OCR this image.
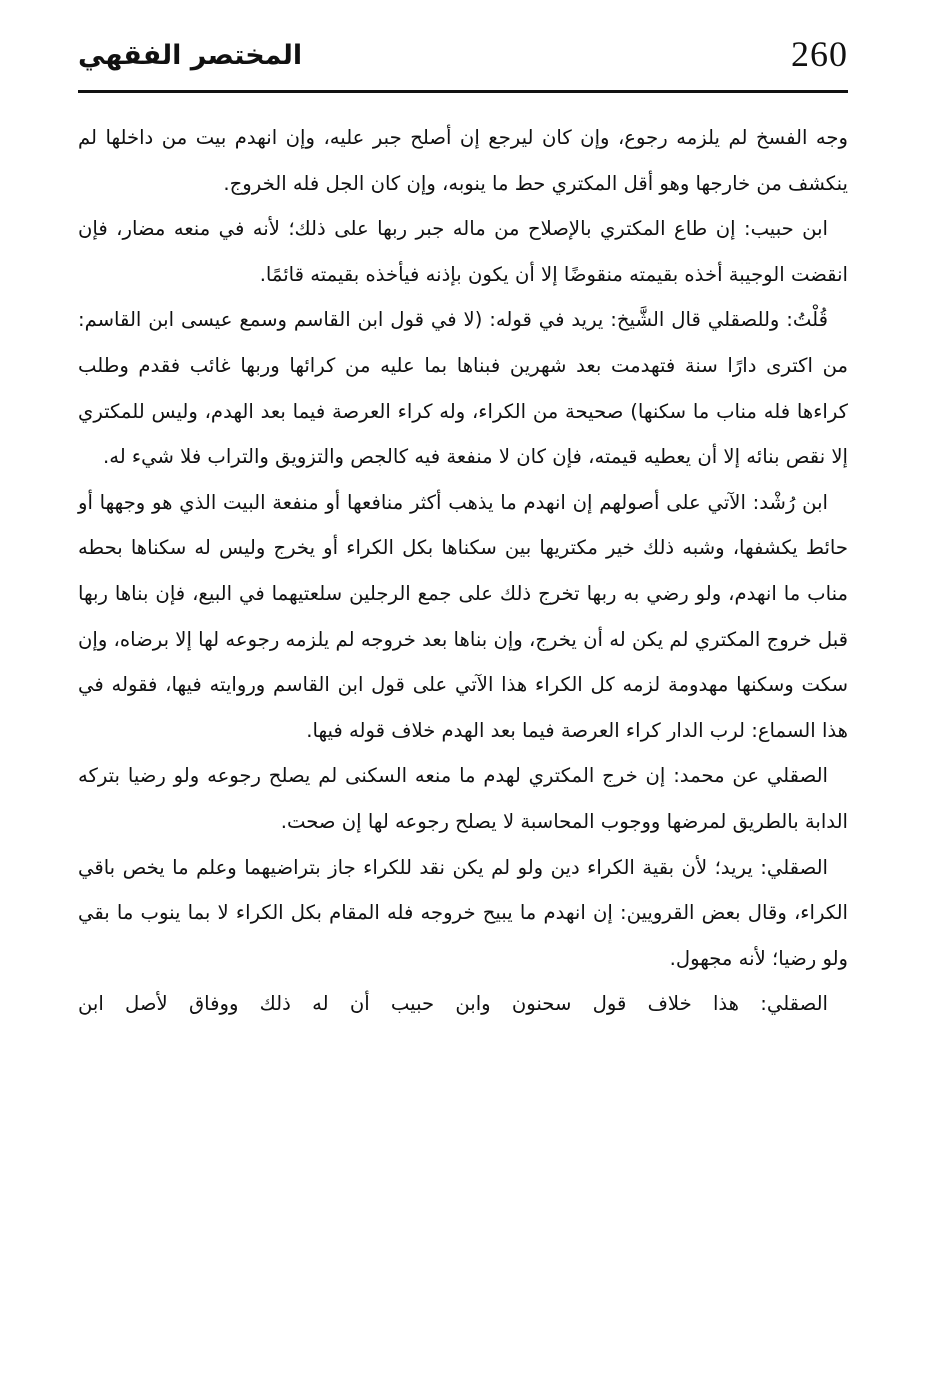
260
المختصر الفقهي

وجه الفسخ لم يلزمه رجوع، وإن كان ليرجع إن أصلح جبر عليه، وإن انهدم بيت من داخلها لم ينكشف من خارجها وهو أقل المكتري حط ما ينوبه، وإن كان الجل فله الخروج.

ابن حبيب: إن طاع المكتري بالإصلاح من ماله جبر ربها على ذلك؛ لأنه في منعه مضار، فإن انقضت الوجيبة أخذه بقيمته منقوضًا إلا أن يكون بإذنه فيأخذه بقيمته قائمًا.

قُلْتُ: وللصقلي قال الشَّيخ: يريد في قوله: (لا في قول ابن القاسم وسمع عيسى ابن القاسم: من اكترى دارًا سنة فتهدمت بعد شهرين فبناها بما عليه من كرائها وربها غائب فقدم وطلب كراءها فله مناب ما سكنها) صحيحة من الكراء، وله كراء العرصة فيما بعد الهدم، وليس للمكتري إلا نقص بنائه إلا أن يعطيه قيمته، فإن كان لا منفعة فيه كالجص والتزويق والتراب فلا شيء له.

ابن رُشْد: الآتي على أصولهم إن انهدم ما يذهب أكثر منافعها أو منفعة البيت الذي هو وجهها أو حائط يكشفها، وشبه ذلك خير مكتريها بين سكناها بكل الكراء أو يخرج وليس له سكناها بحطه مناب ما انهدم، ولو رضي به ربها تخرج ذلك على جمع الرجلين سلعتيهما في البيع، فإن بناها ربها قبل خروج المكتري لم يكن له أن يخرج، وإن بناها بعد خروجه لم يلزمه رجوعه لها إلا برضاه، وإن سكت وسكنها مهدومة لزمه كل الكراء هذا الآتي على قول ابن القاسم وروايته فيها، فقوله في هذا السماع: لرب الدار كراء العرصة فيما بعد الهدم خلاف قوله فيها.

الصقلي عن محمد: إن خرج المكتري لهدم ما منعه السكنى لم يصلح رجوعه ولو رضيا بتركه الدابة بالطريق لمرضها ووجوب المحاسبة لا يصلح رجوعه لها إن صحت.

الصقلي: يريد؛ لأن بقية الكراء دين ولو لم يكن نقد للكراء جاز بتراضيهما وعلم ما يخص باقي الكراء، وقال بعض القرويين: إن انهدم ما يبيح خروجه فله المقام بكل الكراء لا بما ينوب ما بقي ولو رضيا؛ لأنه مجهول.

الصقلي: هذا خلاف قول سحنون وابن حبيب أن له ذلك ووفاق لأصل ابن
